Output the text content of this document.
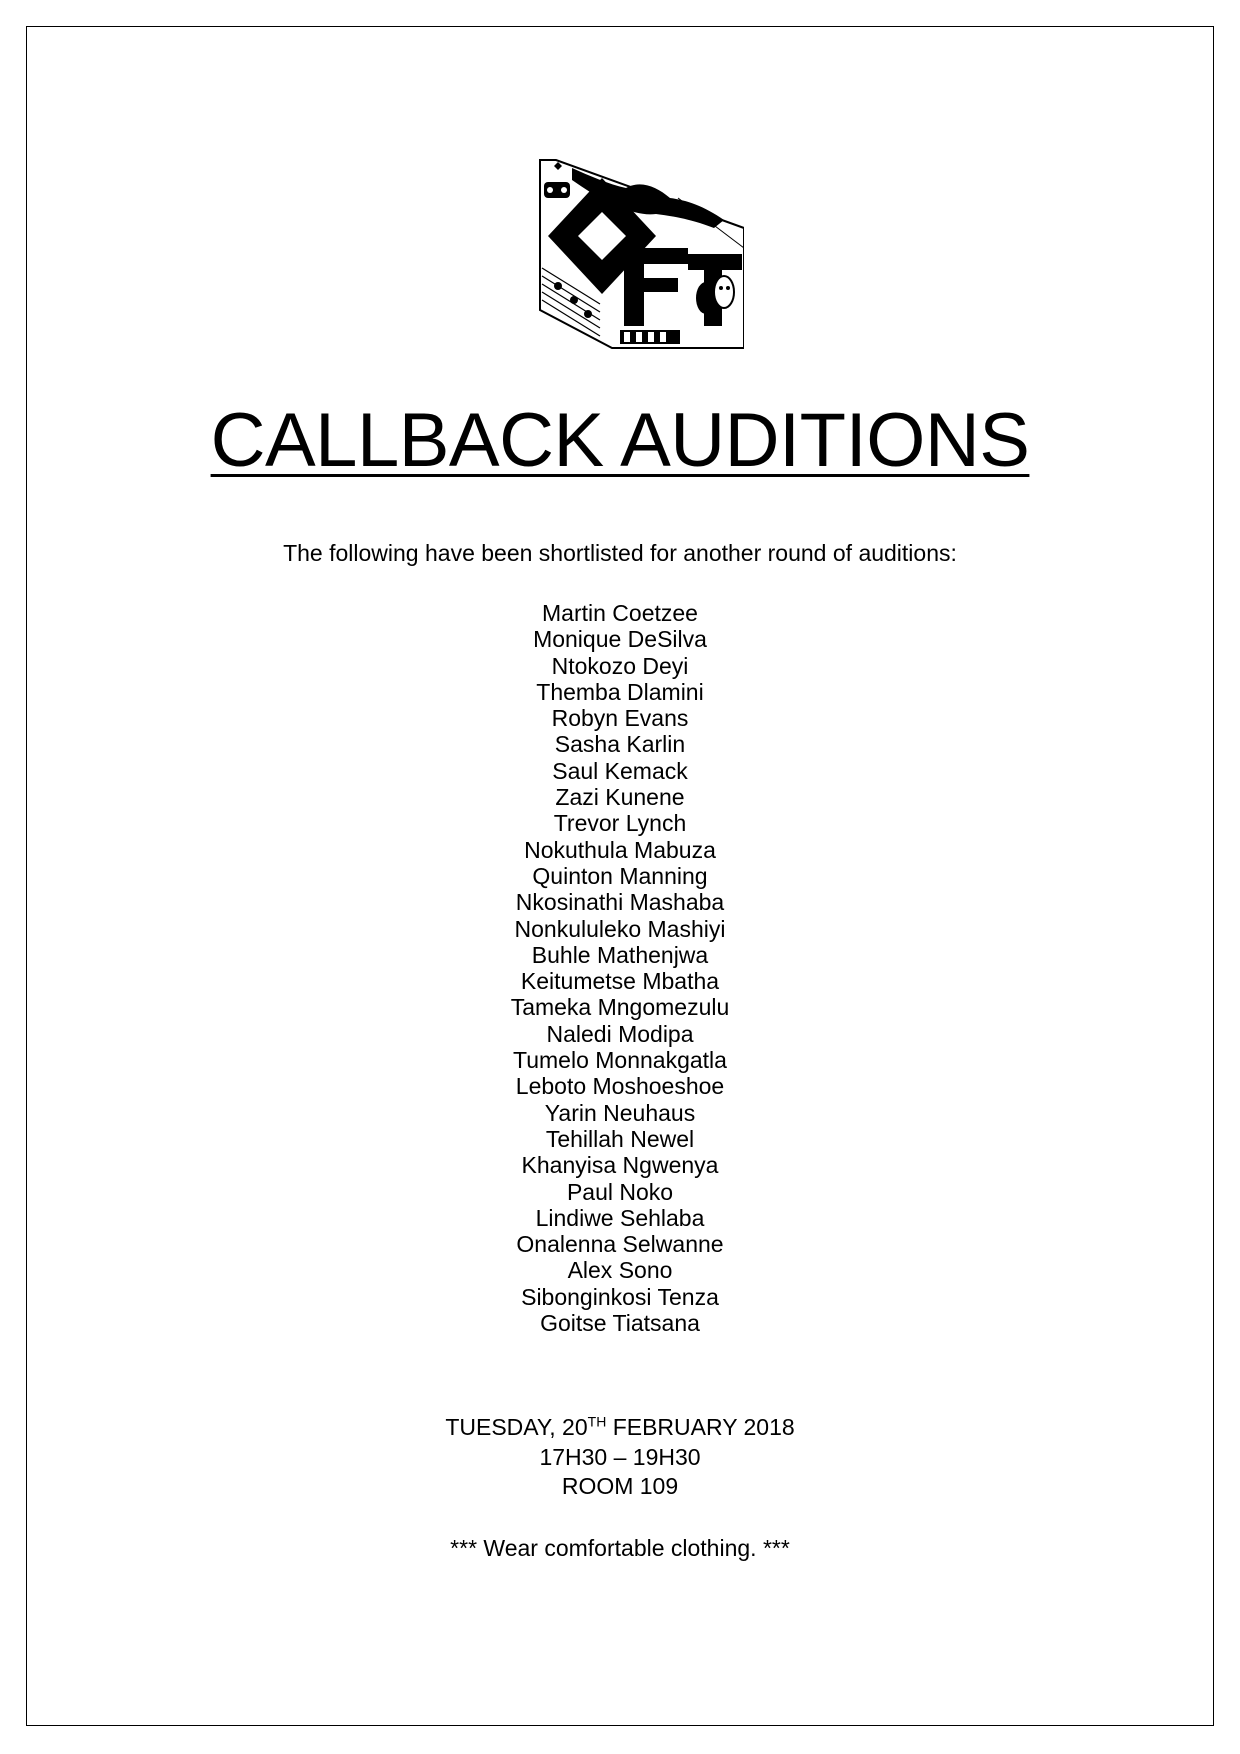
CALLBACK AUDITIONS
The following have been shortlisted for another round of auditions:
Martin Coetzee
Monique DeSilva
Ntokozo Deyi
Themba Dlamini
Robyn Evans
Sasha Karlin
Saul Kemack
Zazi Kunene
Trevor Lynch
Nokuthula Mabuza
Quinton Manning
Nkosinathi Mashaba
Nonkululeko Mashiyi
Buhle Mathenjwa
Keitumetse Mbatha
Tameka Mngomezulu
Naledi Modipa
Tumelo Monnakgatla
Leboto Moshoeshoe
Yarin Neuhaus
Tehillah Newel
Khanyisa Ngwenya
Paul Noko
Lindiwe Sehlaba
Onalenna Selwanne
Alex Sono
Sibonginkosi Tenza
Goitse Tiatsana
TUESDAY, 20TH FEBRUARY 2018
17H30 – 19H30
ROOM 109
*** Wear comfortable clothing. ***
